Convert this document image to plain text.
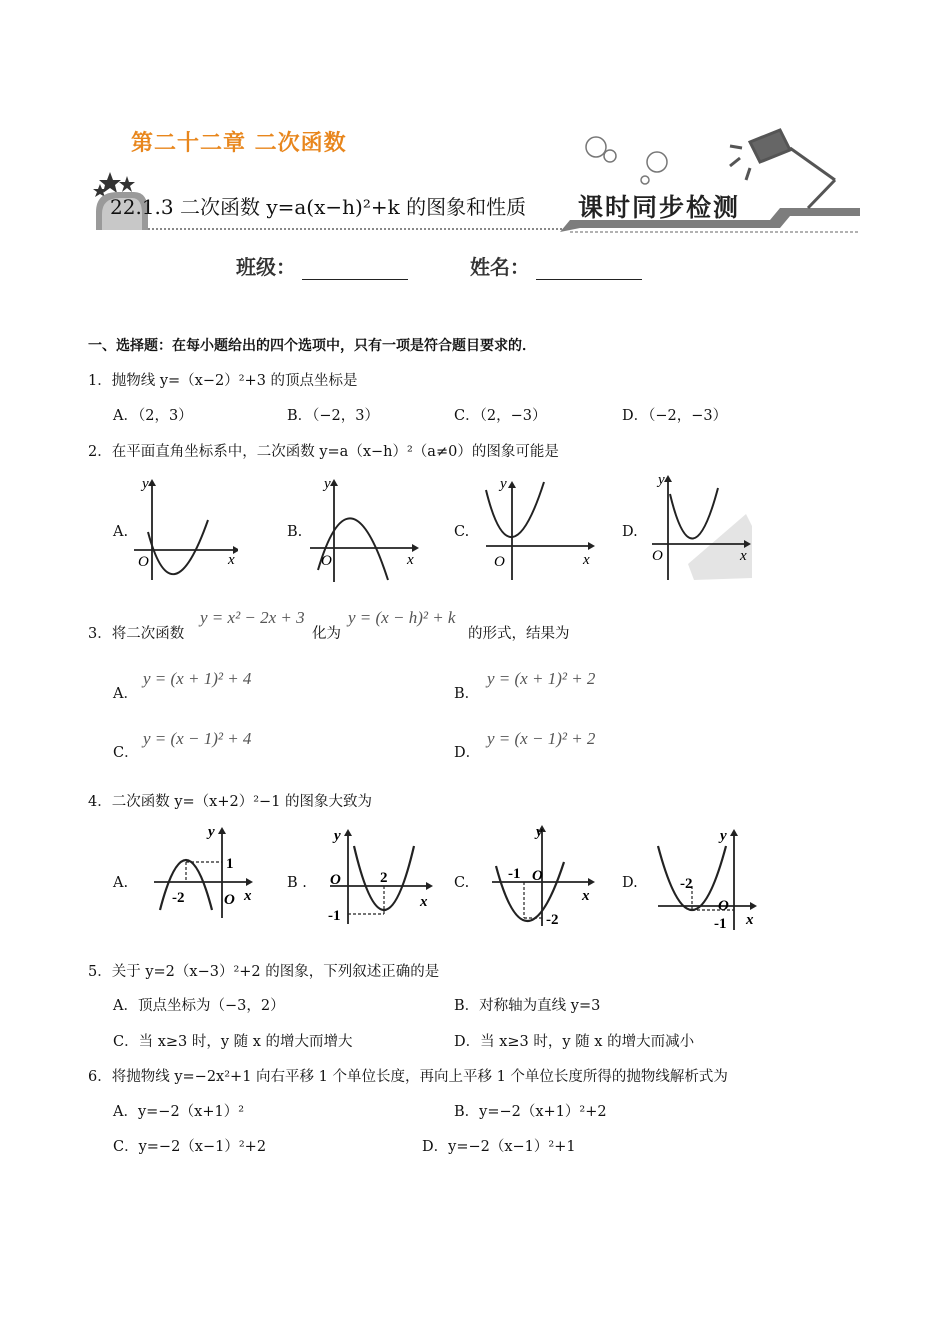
第二十二章 二次函数
22.1.3 二次函数 y=a(x−h)²+k 的图象和性质 课时同步检测
班级：	姓名：
一、选择题：在每小题给出的四个选项中，只有一项是符合题目要求的．
1．抛物线 y=（x−2）²+3 的顶点坐标是
A．（2，3）	B．（−2，3）	C．（2，−3）	D．（−2，−3）
2．在平面直角坐标系中，二次函数 y=a（x−h）²（a≠0）的图象可能是
A.
y
x
O
B.
y
x
O
C.
y
x
O
D.
y
x
O
3．将二次函数
y = x² − 2x + 3
化为
y = (x − h)² + k
的形式，结果为
A．
y = (x + 1)² + 4
B．
y = (x + 1)² + 2
C．
y = (x − 1)² + 4
D．
y = (x − 1)² + 2
4．二次函数 y=（x+2）²−1 的图象大致为
A.
y
x
O
1
-2
B .
y
x
O	2
-1
C.
y
x
O
-1
-2
D.
y
x
O
-2
-1
5．关于 y=2（x−3）²+2 的图象，下列叙述正确的是
A．顶点坐标为（−3，2）	B．对称轴为直线 y=3
C．当 x≥3 时，y 随 x 的增大而增大	D．当 x≥3 时，y 随 x 的增大而减小
6．将抛物线 y=−2x²+1 向右平移 1 个单位长度，再向上平移 1 个单位长度所得的抛物线解析式为
A．y=−2（x+1）²	B．y=−2（x+1）²+2
C．y=−2（x−1）²+2	D．y=−2（x−1）²+1
